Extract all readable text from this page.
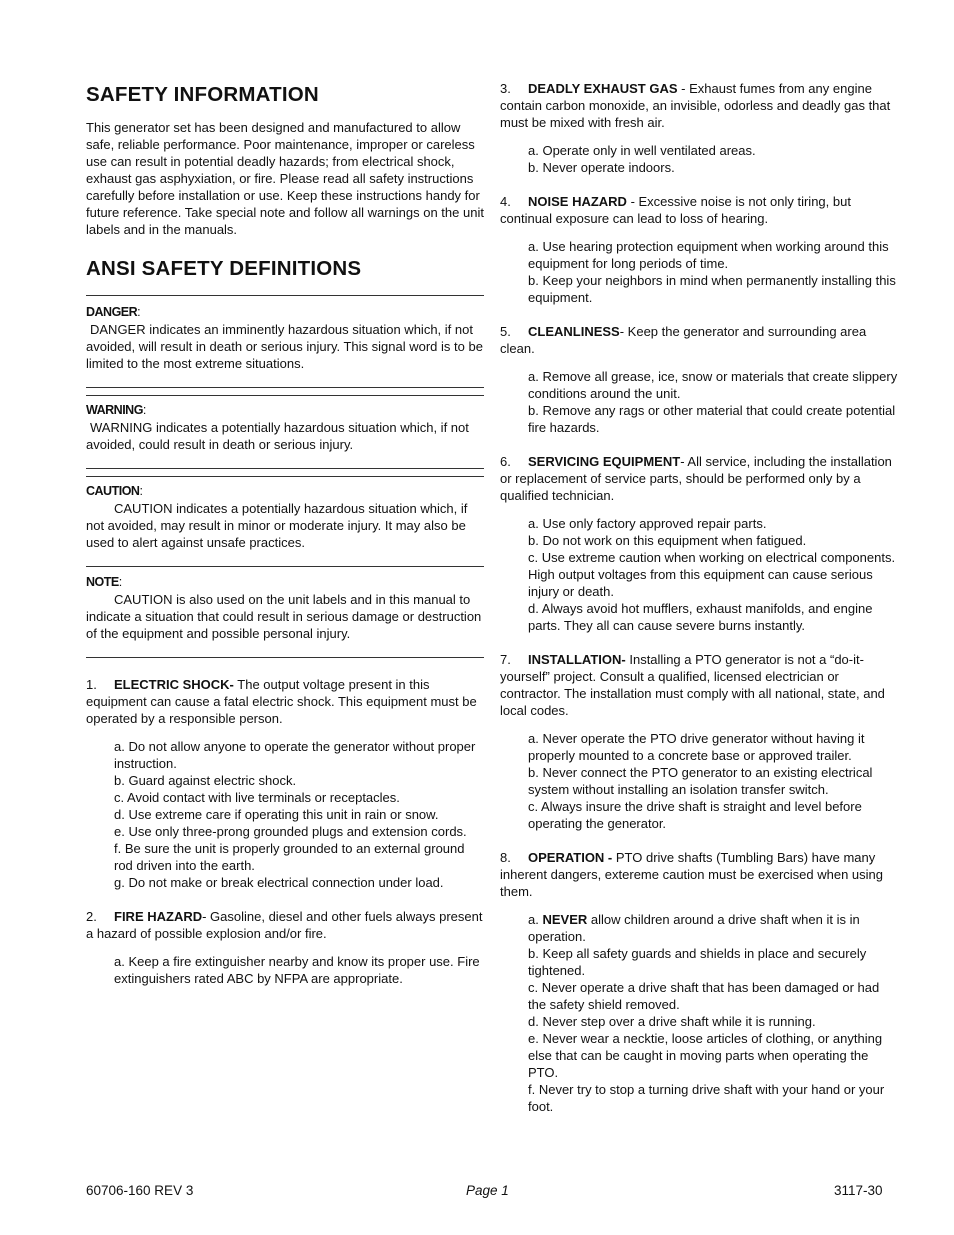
SAFETY INFORMATION

This generator set has been designed and manufactured to allow safe, reliable performance. Poor maintenance, improper or careless use can result in potential deadly hazards; from electrical shock, exhaust gas asphyxiation, or fire. Please read all safety instructions carefully before installation or use. Keep these instructions handy for future reference. Take special note and follow all warnings on the unit labels and in the manuals.

ANSI SAFETY DEFINITIONS
DANGER:

DANGER indicates an imminently hazardous situation which, if not avoided, will result in death or serious injury. This signal word is to be limited to the most extreme situations.

WARNING:

WARNING indicates a potentially hazardous situation which, if not avoided, could result in death or serious injury.

CAUTION:

CAUTION indicates a potentially hazardous situation which, if not avoided, may result in minor or moderate injury. It may also be used to alert against unsafe practices.

NOTE:

CAUTION is also used on the unit labels and in this manual to indicate a situation that could result in serious damage or destruction of the equipment and possible personal injury.

1. ELECTRIC SHOCK- The output voltage present in this equipment can cause a fatal electric shock. This equipment must be operated by a responsible person.

a. Do not allow anyone to operate the generator without proper instruction.
b. Guard against electric shock.
c. Avoid contact with live terminals or receptacles.
d. Use extreme care if operating this unit in rain or snow.
e. Use only three-prong grounded plugs and extension cords.
f. Be sure the unit is properly grounded to an external ground rod driven into the earth.
g. Do not make or break electrical connection under load.

2. FIRE HAZARD- Gasoline, diesel and other fuels always present a hazard of possible explosion and/or fire.

a. Keep a fire extinguisher nearby and know its proper use. Fire extinguishers rated ABC by NFPA are appropriate.

3. DEADLY EXHAUST GAS - Exhaust fumes from any engine contain carbon monoxide, an invisible, odorless and deadly gas that must be mixed with fresh air.

a. Operate only in well ventilated areas.
b. Never operate indoors.

4. NOISE HAZARD - Excessive noise is not only tiring, but continual exposure can lead to loss of hearing.

a. Use hearing protection equipment when working around this equipment for long periods of time.
b. Keep your neighbors in mind when permanently installing this equipment.

5. CLEANLINESS- Keep the generator and surrounding area clean.

a. Remove all grease, ice, snow or materials that create slippery conditions around the unit.
b. Remove any rags or other material that could create potential fire hazards.

6. SERVICING EQUIPMENT- All service, including the installation or replacement of service parts, should be performed only by a qualified technician.

a. Use only factory approved repair parts.
b. Do not work on this equipment when fatigued.
c. Use extreme caution when working on electrical components. High output voltages from this equipment can cause serious injury or death.
d. Always avoid hot mufflers, exhaust manifolds, and engine parts. They all can cause severe burns instantly.

7. INSTALLATION- Installing a PTO generator is not a “do-it-yourself” project. Consult a qualified, licensed electrician or contractor. The installation must comply with all national, state, and local codes.

a. Never operate the PTO drive generator without having it properly mounted to a concrete base or approved trailer.
b. Never connect the PTO generator to an existing electrical system without installing an isolation transfer switch.
c. Always insure the drive shaft is straight and level before operating the generator.

8. OPERATION - PTO drive shafts (Tumbling Bars) have many inherent dangers, extereme caution must be exercised when using them.

a. NEVER allow children around a drive shaft when it is in operation.
b. Keep all safety guards and shields in place and securely tightened.
c. Never operate a drive shaft that has been damaged or had the safety shield removed.
d. Never step over a drive shaft while it is running.
e. Never wear a necktie, loose articles of clothing, or anything else that can be caught in moving parts when operating the PTO.
f. Never try to stop a turning drive shaft with your hand or your foot.
60706-160 REV 3	Page 1	3117-30
